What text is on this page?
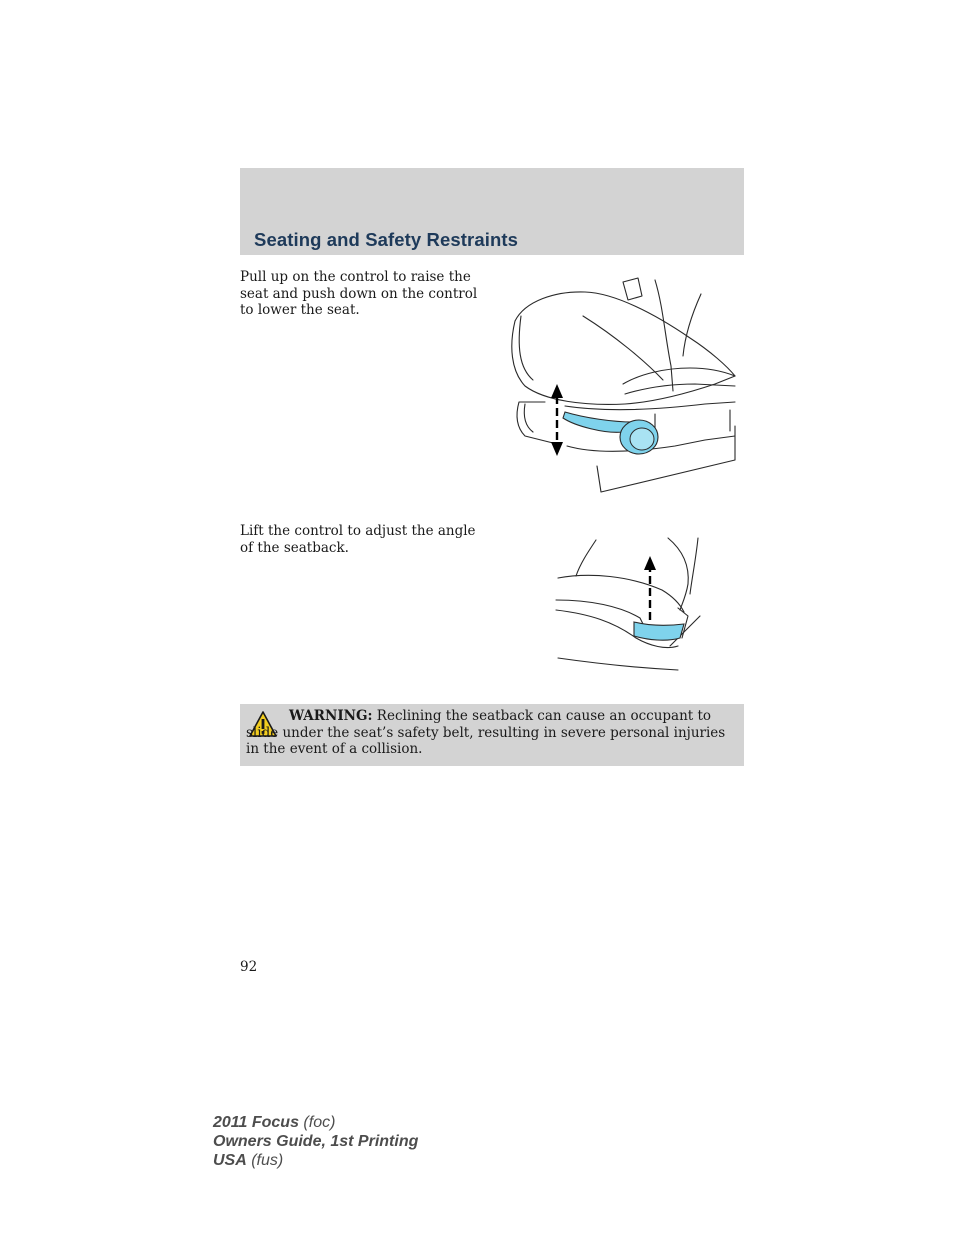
Seating and Safety Restraints
Pull up on the control to raise the seat and push down on the control to lower the seat.
Lift the control to adjust the angle of the seatback.
WARNING: Reclining the seatback can cause an occupant to slide under the seat’s safety belt, resulting in severe personal injuries in the event of a collision.
92
2011 Focus (foc)
Owners Guide, 1st Printing
USA (fus)
